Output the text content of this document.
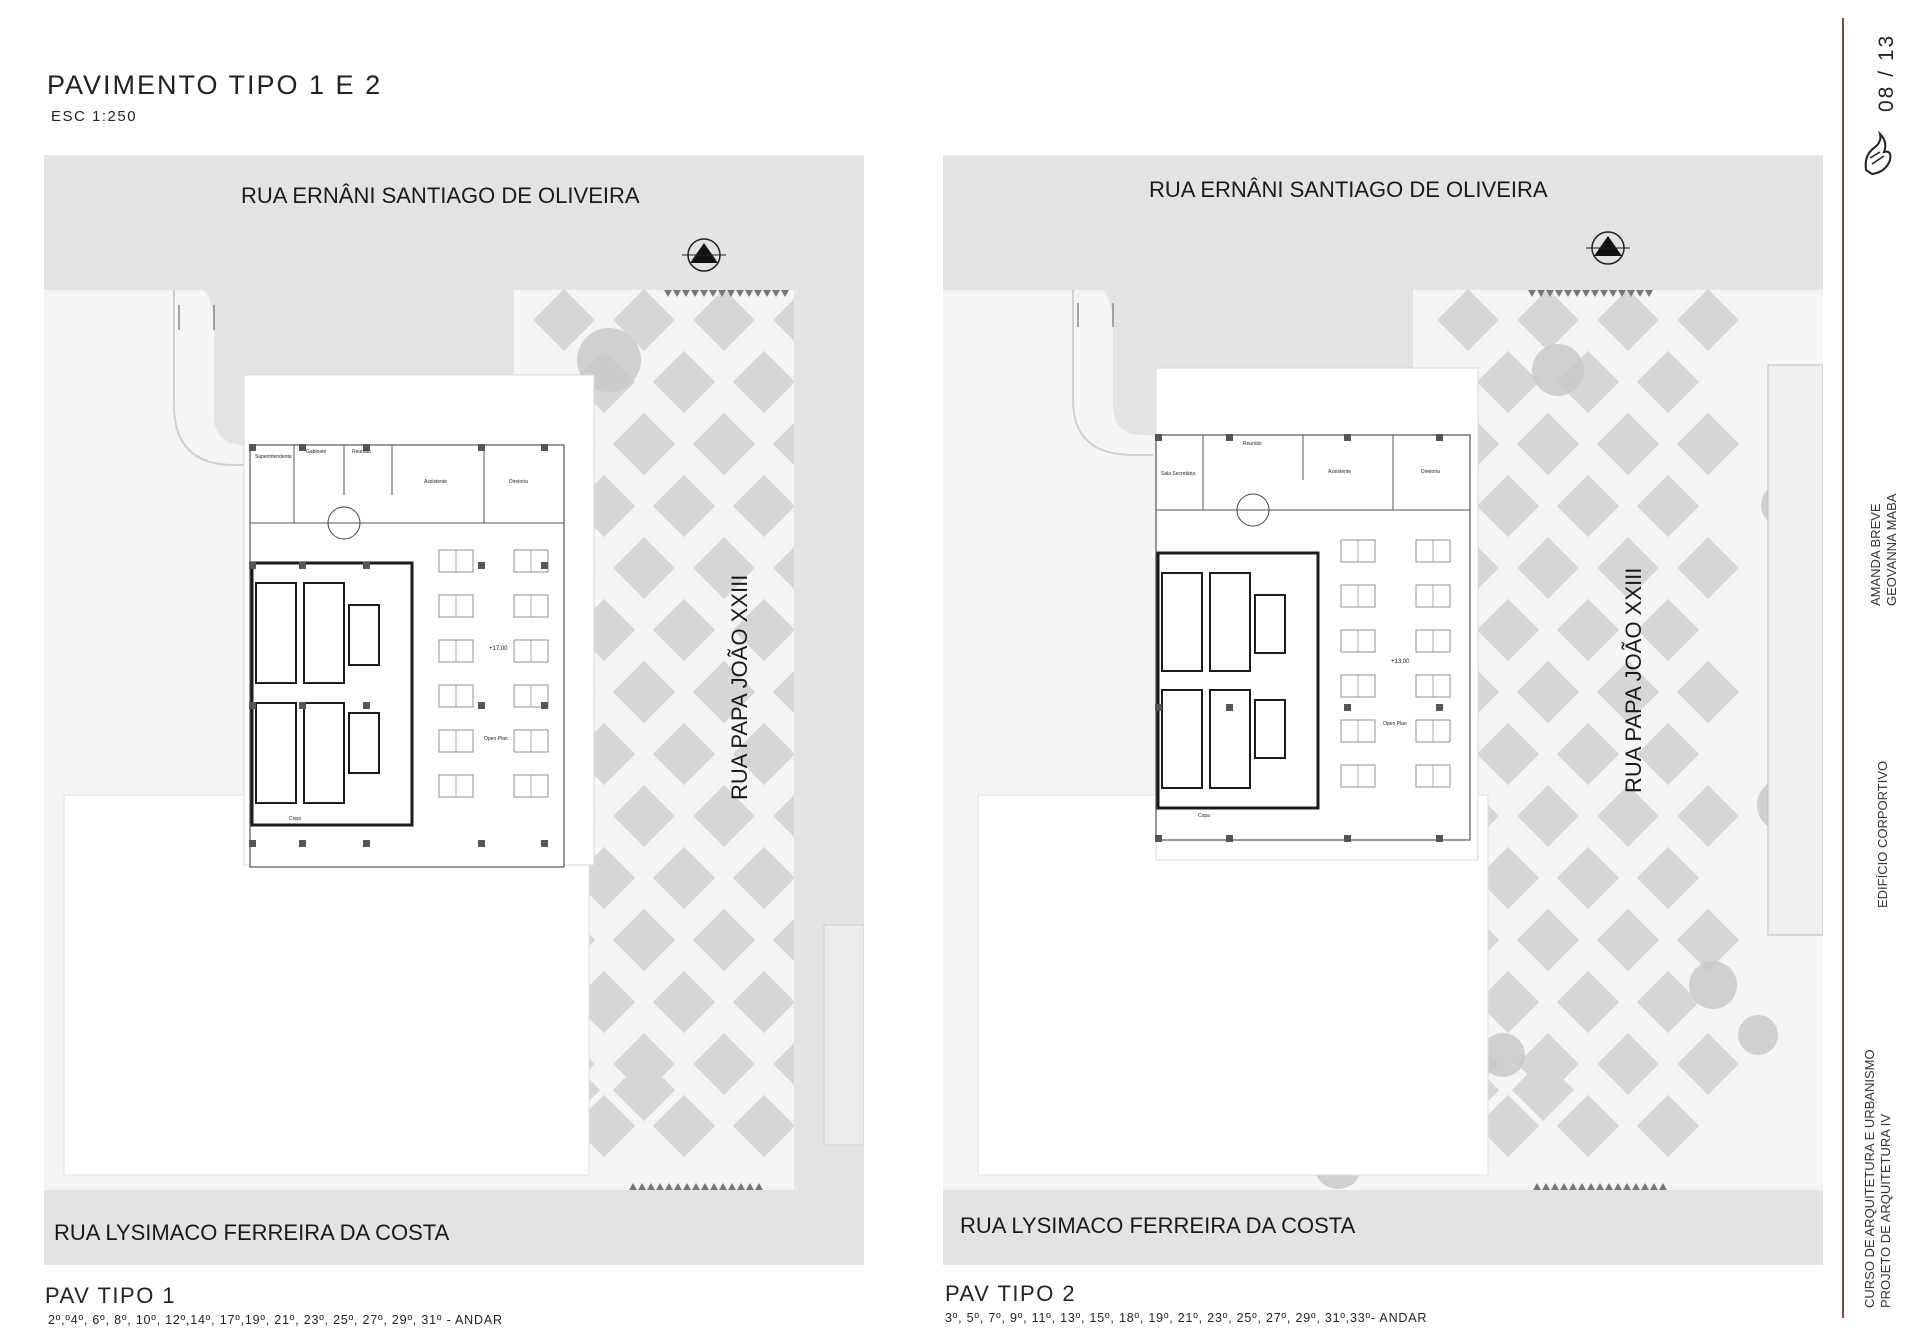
PAVIMENTO TIPO 1 E 2
ESC 1:250
Superintendente
Gabinete	Reunião
Assistente	Diretoria
Open Plan
Copa
+17,00
RUA ERNÂNI SANTIAGO DE OLIVEIRA
RUA PAPA JOÃO XXIII
RUA LYSIMACO FERREIRA DA COSTA
Sala Secretária
Reunião
Assistente	Diretoria
Open Plan
Copa
+13,00
RUA ERNÂNI SANTIAGO DE OLIVEIRA
RUA PAPA JOÃO XXIII
RUA LYSIMACO FERREIRA DA COSTA
PAV TIPO 1
2º,º4º, 6º, 8º, 10º, 12º,14º, 17º,19º, 21º, 23º, 25º, 27º, 29º, 31º - ANDAR
PAV TIPO 2
3º, 5º, 7º, 9º, 11º, 13º, 15º, 18º, 19º, 21º, 23º, 25º, 27º, 29º, 31º,33º- ANDAR
08 / 13
AMANDA BREVE GEOVANNA MABA
EDIFÍCIO CORPORTIVO
CURSO DE ARQUITETURA E URBANISMO PROJETO DE ARQUITETURA IV
